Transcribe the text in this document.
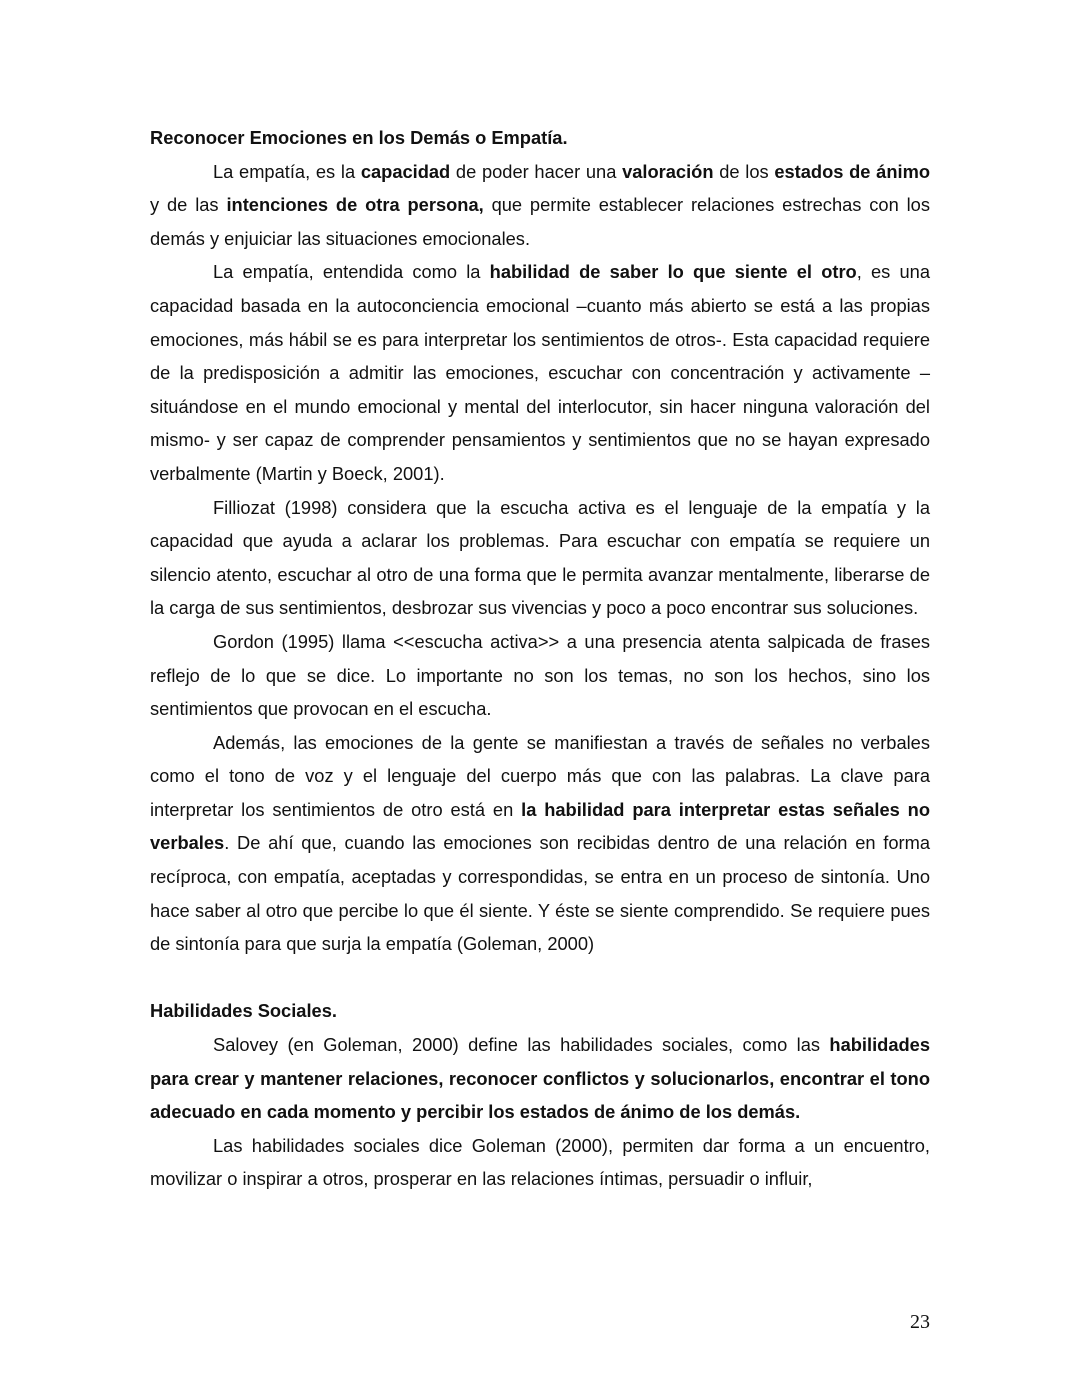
Reconocer Emociones en los Demás o Empatía.

La empatía, es la capacidad de poder hacer una valoración de los estados de ánimo y de las intenciones de otra persona, que permite establecer relaciones estrechas con los demás y enjuiciar las situaciones emocionales.

La empatía, entendida como la habilidad de saber lo que siente el otro, es una capacidad basada en la autoconciencia emocional –cuanto más abierto se está a las propias emociones, más hábil se es para interpretar los sentimientos de otros-. Esta capacidad requiere de la predisposición a admitir las emociones, escuchar con concentración y activamente –situándose en el mundo emocional y mental del interlocutor, sin hacer ninguna valoración del mismo- y ser capaz de comprender pensamientos y sentimientos que no se hayan expresado verbalmente (Martin y Boeck, 2001).

Filliozat (1998) considera que la escucha activa es el lenguaje de la empatía y la capacidad que ayuda a aclarar los problemas. Para escuchar con empatía se requiere un silencio atento, escuchar al otro de una forma que le permita avanzar mentalmente, liberarse de la carga de sus sentimientos, desbrozar sus vivencias y poco a poco encontrar sus soluciones.

Gordon (1995) llama <<escucha activa>> a una presencia atenta salpicada de frases reflejo de lo que se dice. Lo importante no son los temas, no son los hechos, sino los sentimientos que provocan en el escucha.

Además, las emociones de la gente se manifiestan a través de señales no verbales como el tono de voz y el lenguaje del cuerpo más que con las palabras. La clave para interpretar los sentimientos de otro está en la habilidad para interpretar estas señales no verbales. De ahí que, cuando las emociones son recibidas dentro de una relación en forma recíproca, con empatía, aceptadas y correspondidas, se entra en un proceso de sintonía. Uno hace saber al otro que percibe lo que él siente. Y éste se siente comprendido. Se requiere pues de sintonía para que surja la empatía (Goleman, 2000)

Habilidades Sociales.

Salovey (en Goleman, 2000) define las habilidades sociales, como las habilidades para crear y mantener relaciones, reconocer conflictos y solucionarlos, encontrar el tono adecuado en cada momento y percibir los estados de ánimo de los demás.

Las habilidades sociales dice Goleman (2000), permiten dar forma a un encuentro, movilizar o inspirar a otros, prosperar en las relaciones íntimas, persuadir o influir,

23
